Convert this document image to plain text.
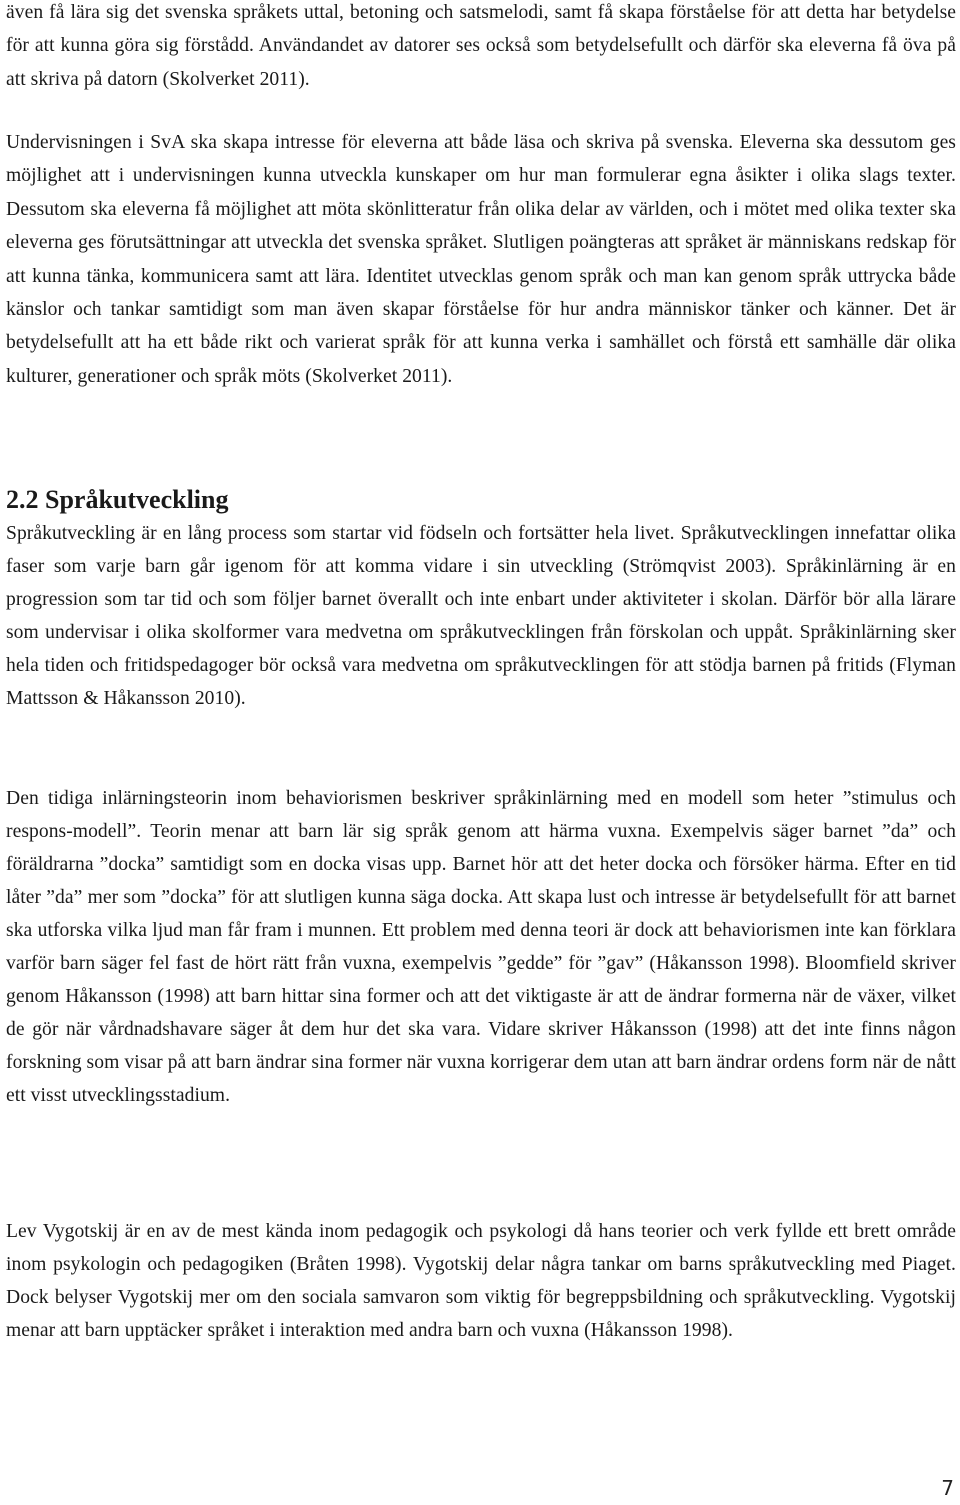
även få lära sig det svenska språkets uttal, betoning och satsmelodi, samt få skapa förståelse för att detta har betydelse för att kunna göra sig förstådd. Användandet av datorer ses också som betydelsefullt och därför ska eleverna få öva på att skriva på datorn (Skolverket 2011).

Undervisningen i SvA ska skapa intresse för eleverna att både läsa och skriva på svenska. Eleverna ska dessutom ges möjlighet att i undervisningen kunna utveckla kunskaper om hur man formulerar egna åsikter i olika slags texter. Dessutom ska eleverna få möjlighet att möta skönlitteratur från olika delar av världen, och i mötet med olika texter ska eleverna ges förutsättningar att utveckla det svenska språket. Slutligen poängteras att språket är människans redskap för att kunna tänka, kommunicera samt att lära. Identitet utvecklas genom språk och man kan genom språk uttrycka både känslor och tankar samtidigt som man även skapar förståelse för hur andra människor tänker och känner. Det är betydelsefullt att ha ett både rikt och varierat språk för att kunna verka i samhället och förstå ett samhälle där olika kulturer, generationer och språk möts (Skolverket 2011).

2.2 Språkutveckling

Språkutveckling är en lång process som startar vid födseln och fortsätter hela livet. Språkutvecklingen innefattar olika faser som varje barn går igenom för att komma vidare i sin utveckling (Strömqvist 2003). Språkinlärning är en progression som tar tid och som följer barnet överallt och inte enbart under aktiviteter i skolan. Därför bör alla lärare som undervisar i olika skolformer vara medvetna om språkutvecklingen från förskolan och uppåt. Språkinlärning sker hela tiden och fritidspedagoger bör också vara medvetna om språkutvecklingen för att stödja barnen på fritids (Flyman Mattsson & Håkansson 2010).

Den tidiga inlärningsteorin inom behaviorismen beskriver språkinlärning med en modell som heter ”stimulus och respons-modell”. Teorin menar att barn lär sig språk genom att härma vuxna. Exempelvis säger barnet ”da” och föräldrarna ”docka” samtidigt som en docka visas upp. Barnet hör att det heter docka och försöker härma. Efter en tid låter ”da” mer som ”docka” för att slutligen kunna säga docka. Att skapa lust och intresse är betydelsefullt för att barnet ska utforska vilka ljud man får fram i munnen. Ett problem med denna teori är dock att behaviorismen inte kan förklara varför barn säger fel fast de hört rätt från vuxna, exempelvis ”gedde” för ”gav” (Håkansson 1998). Bloomfield skriver genom Håkansson (1998) att barn hittar sina former och att det viktigaste är att de ändrar formerna när de växer, vilket de gör när vårdnadshavare säger åt dem hur det ska vara. Vidare skriver Håkansson (1998) att det inte finns någon forskning som visar på att barn ändrar sina former när vuxna korrigerar dem utan att barn ändrar ordens form när de nått ett visst utvecklingsstadium.

Lev Vygotskij är en av de mest kända inom pedagogik och psykologi då hans teorier och verk fyllde ett brett område inom psykologin och pedagogiken (Bråten 1998). Vygotskij delar några tankar om barns språkutveckling med Piaget. Dock belyser Vygotskij mer om den sociala samvaron som viktig för begreppsbildning och språkutveckling. Vygotskij menar att barn upptäcker språket i interaktion med andra barn och vuxna (Håkansson 1998).

7
